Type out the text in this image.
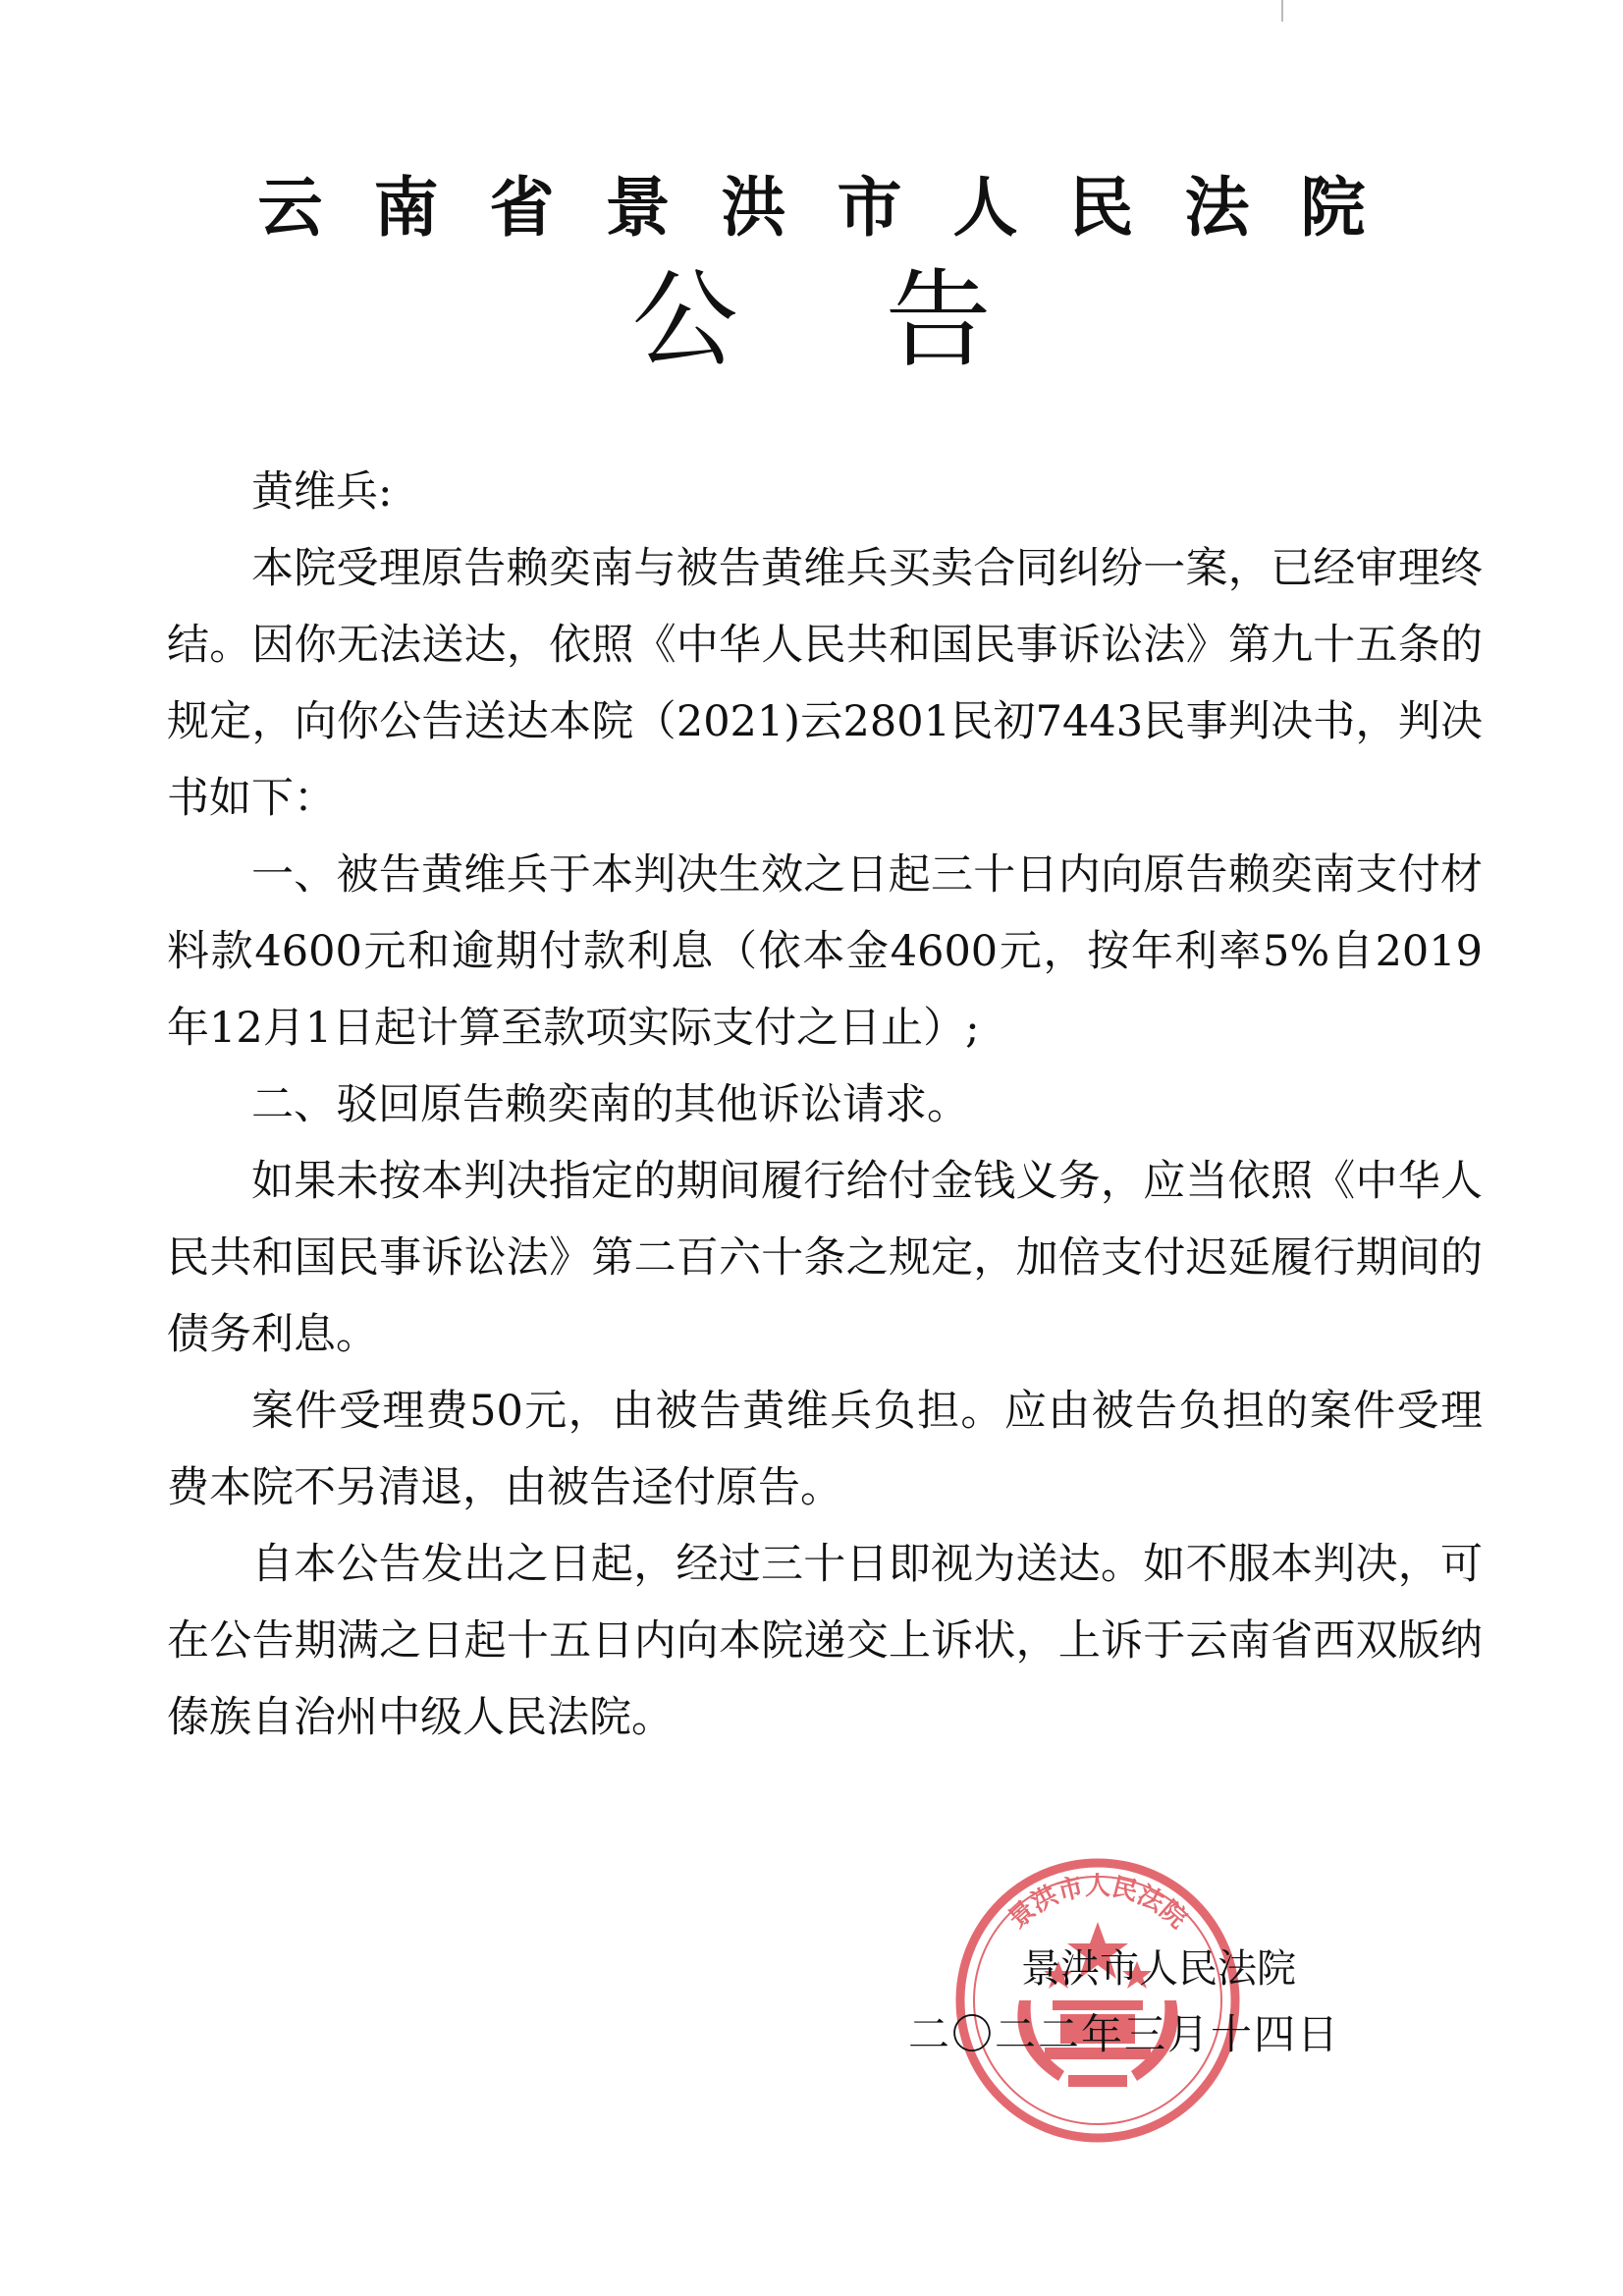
云南省景洪市人民法院
公告

黄维兵:

本院受理原告赖奕南与被告黄维兵买卖合同纠纷一案，已经审理终结。因你无法送达，依照《中华人民共和国民事诉讼法》第九十五条的规定，向你公告送达本院（2021)云2801民初7443民事判决书，判决书如下：

一、被告黄维兵于本判决生效之日起三十日内向原告赖奕南支付材料款4600元和逾期付款利息（依本金4600元，按年利率5%自2019年12月1日起计算至款项实际支付之日止）;

二、驳回原告赖奕南的其他诉讼请求。

如果未按本判决指定的期间履行给付金钱义务，应当依照《中华人民共和国民事诉讼法》第二百六十条之规定，加倍支付迟延履行期间的债务利息。

案件受理费50元，由被告黄维兵负担。应由被告负担的案件受理费本院不另清退，由被告迳付原告。

自本公告发出之日起，经过三十日即视为送达。如不服本判决，可在公告期满之日起十五日内向本院递交上诉状，上诉于云南省西双版纳傣族自治州中级人民法院。

景洪市人民法院
景洪市人民法院
二〇二二年三月十四日
